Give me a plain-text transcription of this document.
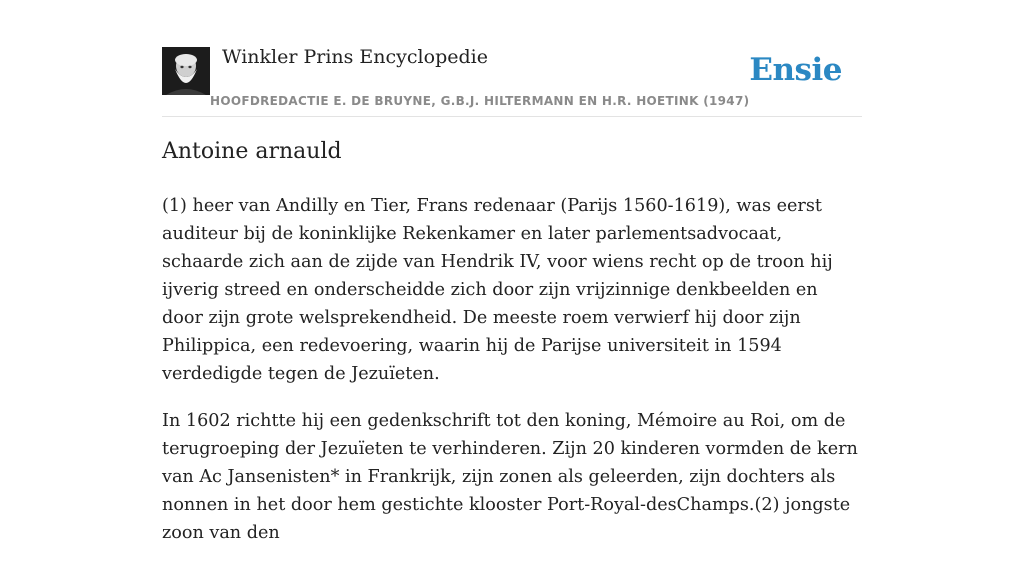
Winkler Prins Encyclopedie
HOOFDREDACTIE E. DE BRUYNE, G.B.J. HILTERMANN EN H.R. HOETINK (1947)
Ensie
Antoine arnauld

(1) heer van Andilly en Tier, Frans redenaar (Parijs 1560-1619), was eerst auditeur bij de koninklijke Rekenkamer en later parlementsadvocaat, schaarde zich aan de zijde van Hendrik IV, voor wiens recht op de troon hij ijverig streed en onderscheidde zich door zijn vrijzinnige denkbeelden en door zijn grote welsprekendheid. De meeste roem verwierf hij door zijn Philippica, een redevoering, waarin hij de Parijse universiteit in 1594 verdedigde tegen de Jezuïeten.

In 1602 richtte hij een gedenkschrift tot den koning, Mémoire au Roi, om de terugroeping der Jezuïeten te verhinderen. Zijn 20 kinderen vormden de kern van Ac Jansenisten* in Frankrijk, zijn zonen als geleerden, zijn dochters als nonnen in het door hem gestichte klooster Port-Royal-desChamps.(2) jongste zoon van den
